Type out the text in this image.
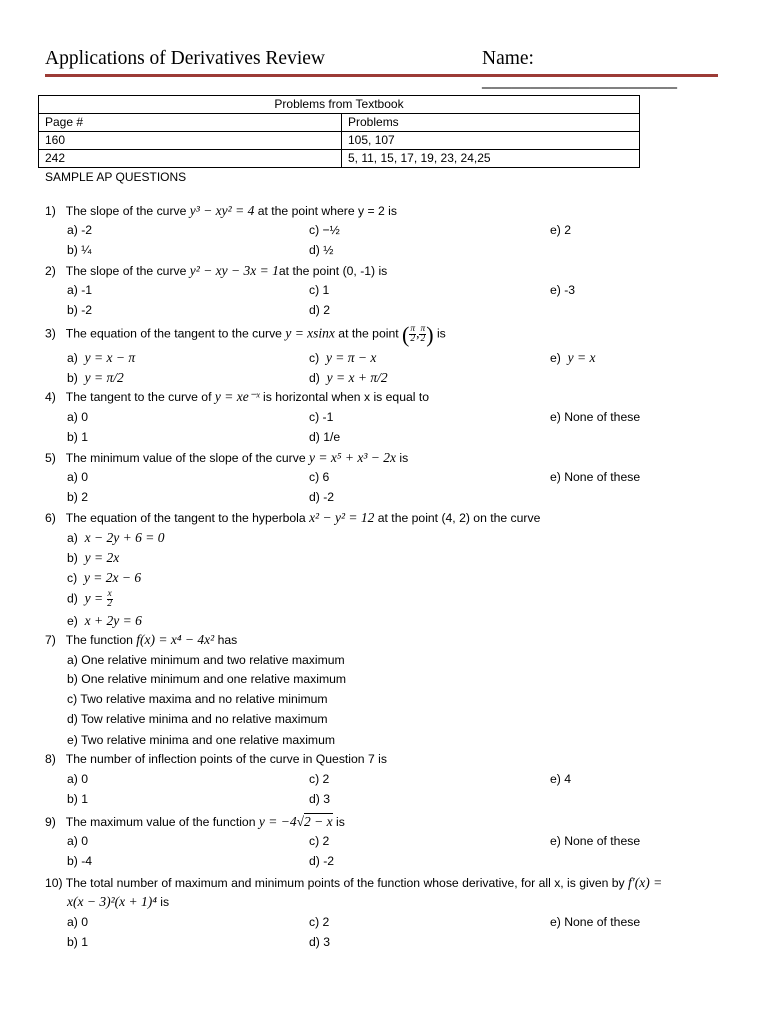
Applications of Derivatives Review	Name: ____________________
Problems from Textbook	
Page #	Problems
160	105, 107
242	5, 11, 15, 17, 19, 23, 24,25
SAMPLE AP QUESTIONS
1) The slope of the curve y³ − xy² = 4 at the point where y = 2 is
a) -2	c) −½	e) 2
b) ¼	d) ½
2) The slope of the curve y² − xy − 3x = 1at the point (0, -1) is
a) -1	c) 1	e) -3
b) -2	d) 2
3) The equation of the tangent to the curve y = xsinx at the point ( $\frac{\pi}{2}$ , $\frac{\pi}{2}$ ) is
a) y = x − π	c) y = π − x	e) y = x
b) y = π/2	d) y = x + π/2
4) The tangent to the curve of y = xe⁻ˣ is horizontal when x is equal to
a) 0	c) -1	e) None of these
b) 1	d) 1/e
5) The minimum value of the slope of the curve y = x⁵ + x³ − 2x is
a) 0	c) 6	e) None of these
b) 2	d) -2
6) The equation of the tangent to the hyperbola x² − y² = 12 at the point (4, 2) on the curve
a) x − 2y + 6 = 0
b) y = 2x
c) y = 2x − 6
d) $y = \frac{x}{2}$
e) x + 2y = 6
7) The function f(x) = x⁴ − 4x² has
a) One relative minimum and two relative maximum
b) One relative minimum and one relative maximum
c) Two relative maxima and no relative minimum
d) Tow relative minima and no relative maximum
e) Two relative minima and one relative maximum
8) The number of inflection points of the curve in Question 7 is
a) 0	c) 2	e) 4
b) 1	d) 3
9) The maximum value of the function y = −4√2 − x is
a) 0	c) 2	e) None of these
b) -4	d) -2
10) The total number of maximum and minimum points of the function whose derivative, for all x, is given by f′(x) =
x(x − 3)²(x + 1)⁴ is
a) 0	c) 2	e) None of these
b) 1	d) 3
